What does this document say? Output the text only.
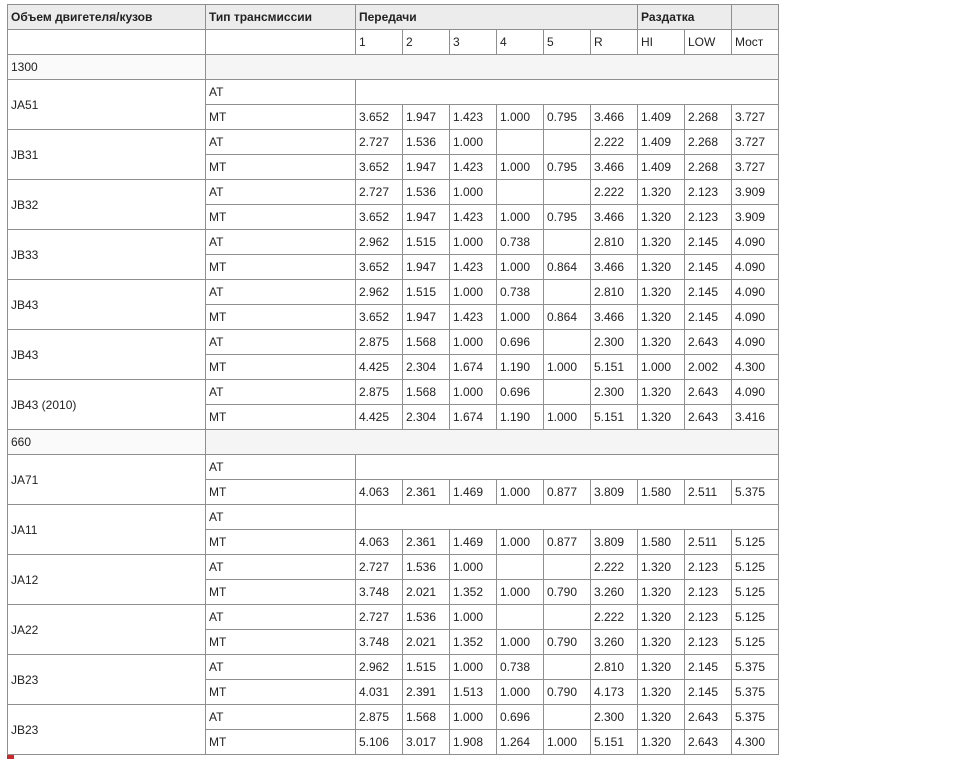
Объем двигетеля/кузов	Тип трансмиссии	Передачи						Раздатка		
		1	2	3	4	5	R	HI	LOW	Мост
1300										
JA51	AT									
	MT	3.652	1.947	1.423	1.000	0.795	3.466	1.409	2.268	3.727
JB31	AT	2.727	1.536	1.000			2.222	1.409	2.268	3.727
	MT	3.652	1.947	1.423	1.000	0.795	3.466	1.409	2.268	3.727
JB32	AT	2.727	1.536	1.000			2.222	1.320	2.123	3.909
	MT	3.652	1.947	1.423	1.000	0.795	3.466	1.320	2.123	3.909
JB33	AT	2.962	1.515	1.000	0.738		2.810	1.320	2.145	4.090
	MT	3.652	1.947	1.423	1.000	0.864	3.466	1.320	2.145	4.090
JB43	AT	2.962	1.515	1.000	0.738		2.810	1.320	2.145	4.090
	MT	3.652	1.947	1.423	1.000	0.864	3.466	1.320	2.145	4.090
JB43	AT	2.875	1.568	1.000	0.696		2.300	1.320	2.643	4.090
	MT	4.425	2.304	1.674	1.190	1.000	5.151	1.000	2.002	4.300
JB43 (2010)	AT	2.875	1.568	1.000	0.696		2.300	1.320	2.643	4.090
	MT	4.425	2.304	1.674	1.190	1.000	5.151	1.320	2.643	3.416
660										
JA71	AT									
	MT	4.063	2.361	1.469	1.000	0.877	3.809	1.580	2.511	5.375
JA11	AT									
	MT	4.063	2.361	1.469	1.000	0.877	3.809	1.580	2.511	5.125
JA12	AT	2.727	1.536	1.000			2.222	1.320	2.123	5.125
	MT	3.748	2.021	1.352	1.000	0.790	3.260	1.320	2.123	5.125
JA22	AT	2.727	1.536	1.000			2.222	1.320	2.123	5.125
	MT	3.748	2.021	1.352	1.000	0.790	3.260	1.320	2.123	5.125
JB23	AT	2.962	1.515	1.000	0.738		2.810	1.320	2.145	5.375
	MT	4.031	2.391	1.513	1.000	0.790	4.173	1.320	2.145	5.375
JB23	AT	2.875	1.568	1.000	0.696		2.300	1.320	2.643	5.375
	MT	5.106	3.017	1.908	1.264	1.000	5.151	1.320	2.643	4.300
